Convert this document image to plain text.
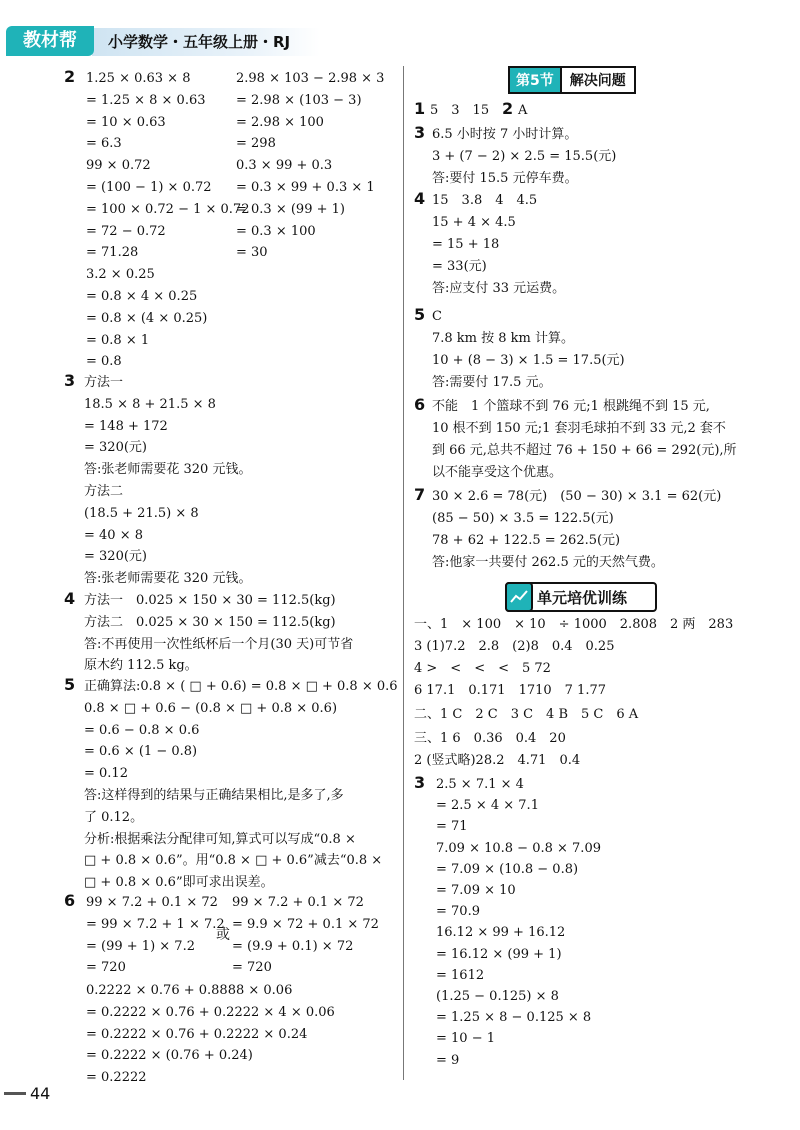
教材帮	小学数学・五年级上册・RJ
2 1.25 × 0.63 × 8
= 1.25 × 8 × 0.63
= 10 × 0.63
= 6.3
99 × 0.72
= (100 − 1) × 0.72
= 100 × 0.72 − 1 × 0.72
= 72 − 0.72
= 71.28
3.2 × 0.25
= 0.8 × 4 × 0.25
= 0.8 × (4 × 0.25)
= 0.8 × 1
= 0.8
2.98 × 103 − 2.98 × 3
= 2.98 × (103 − 3)
= 2.98 × 100
= 298
0.3 × 99 + 0.3
= 0.3 × 99 + 0.3 × 1
= 0.3 × (99 + 1)
= 0.3 × 100
= 30
3 方法一
18.5 × 8 + 21.5 × 8
= 148 + 172
= 320(元)
答:张老师需要花 320 元钱。
方法二
(18.5 + 21.5) × 8
= 40 × 8
= 320(元)
答:张老师需要花 320 元钱。
4 方法一　0.025 × 150 × 30 = 112.5(kg)
方法二　0.025 × 30 × 150 = 112.5(kg)
答:不再使用一次性纸杯后一个月(30 天)可节省
原木约 112.5 kg。
5 正确算法:0.8 × ( □ + 0.6) = 0.8 × □ + 0.8 × 0.6
0.8 × □ + 0.6 − (0.8 × □ + 0.8 × 0.6)
= 0.6 − 0.8 × 0.6
= 0.6 × (1 − 0.8)
= 0.12
答:这样得到的结果与正确结果相比,是多了,多
了 0.12。
分析:根据乘法分配律可知,算式可以写成“0.8 ×
□ + 0.8 × 0.6”。用“0.8 × □ + 0.6”减去“0.8 ×
□ + 0.8 × 0.6”即可求出误差。
6 99 × 7.2 + 0.1 × 72
= 99 × 7.2 + 1 × 7.2
= (99 + 1) × 7.2
= 720
或
99 × 7.2 + 0.1 × 72
= 9.9 × 72 + 0.1 × 72
= (9.9 + 0.1) × 72
= 720
0.2222 × 0.76 + 0.8888 × 0.06
= 0.2222 × 0.76 + 0.2222 × 4 × 0.06
= 0.2222 × 0.76 + 0.2222 × 0.24
= 0.2222 × (0.76 + 0.24)
= 0.2222
第5节	解决问题
1 5　3　15 2 A
3 6.5 小时按 7 小时计算。
3 + (7 − 2) × 2.5 = 15.5(元)
答:要付 15.5 元停车费。
4 15　3.8　4　4.5
15 + 4 × 4.5
= 15 + 18
= 33(元)
答:应支付 33 元运费。
5 C
7.8 km 按 8 km 计算。
10 + (8 − 3) × 1.5 = 17.5(元)
答:需要付 17.5 元。
6 不能　1 个篮球不到 76 元;1 根跳绳不到 15 元,
10 根不到 150 元;1 套羽毛球拍不到 33 元,2 套不
到 66 元,总共不超过 76 + 150 + 66 = 292(元),所
以不能享受这个优惠。
7 30 × 2.6 = 78(元)　(50 − 30) × 3.1 = 62(元)
(85 − 50) × 3.5 = 122.5(元)
78 + 62 + 122.5 = 262.5(元)
答:他家一共要付 262.5 元的天然气费。
单元培优训练
一、1　× 100　× 10　÷ 1000　2.808　2 两　283
3 (1)7.2　2.8　(2)8　0.4　0.25
4 >　<　<　<　5 72
6 17.1　0.171　1710　7 1.77
二、1 C　2 C　3 C　4 B　5 C　6 A
三、1 6　0.36　0.4　20
2 (竖式略)28.2　4.71　0.4
3 2.5 × 7.1 × 4
= 2.5 × 4 × 7.1
= 71
7.09 × 10.8 − 0.8 × 7.09
= 7.09 × (10.8 − 0.8)
= 7.09 × 10
= 70.9
16.12 × 99 + 16.12
= 16.12 × (99 + 1)
= 1612
(1.25 − 0.125) × 8
= 1.25 × 8 − 0.125 × 8
= 10 − 1
= 9
44
